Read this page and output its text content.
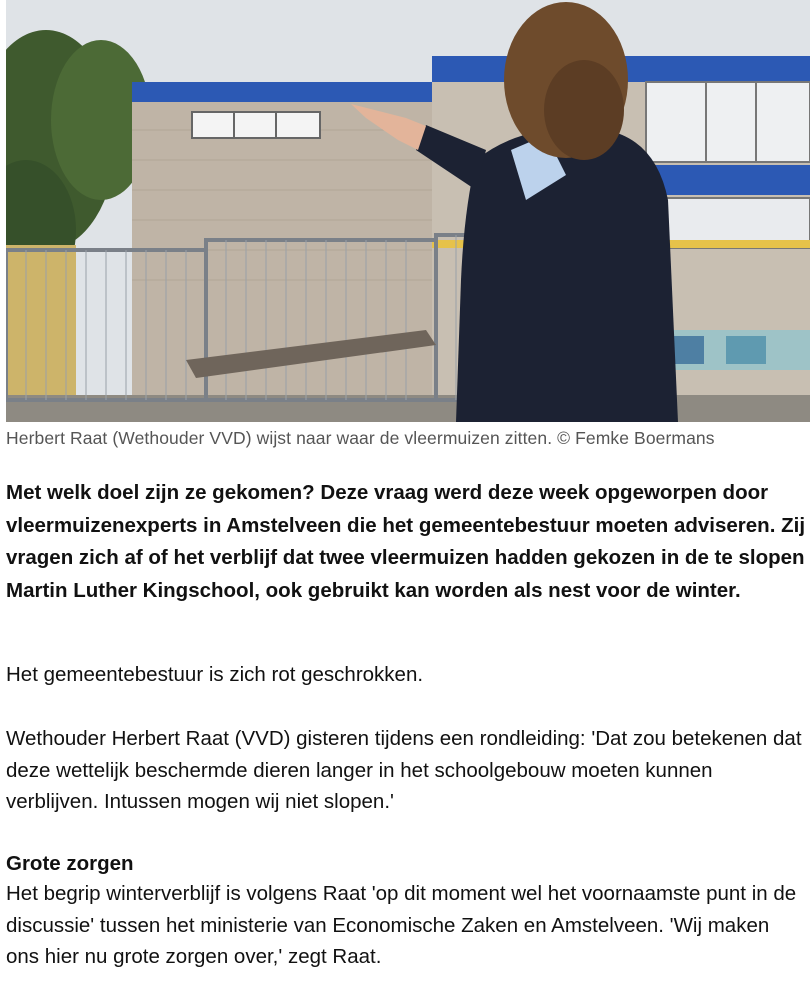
Herbert Raat (Wethouder VVD) wijst naar waar de vleermuizen zitten. © Femke Boermans

Met welk doel zijn ze gekomen? Deze vraag werd deze week opgeworpen door vleermuizenexperts in Amstelveen die het gemeentebestuur moeten adviseren. Zij vragen zich af of het verblijf dat twee vleermuizen hadden gekozen in de te slopen Martin Luther Kingschool, ook gebruikt kan worden als nest voor de winter.

Het gemeentebestuur is zich rot geschrokken.

Wethouder Herbert Raat (VVD) gisteren tijdens een rondleiding: 'Dat zou betekenen dat deze wettelijk beschermde dieren langer in het schoolgebouw moeten kunnen verblijven. Intussen mogen wij niet slopen.'

Grote zorgen

Het begrip winterverblijf is volgens Raat 'op dit moment wel het voornaamste punt in de discussie' tussen het ministerie van Economische Zaken en Amstelveen. 'Wij maken ons hier nu grote zorgen over,' zegt Raat.
